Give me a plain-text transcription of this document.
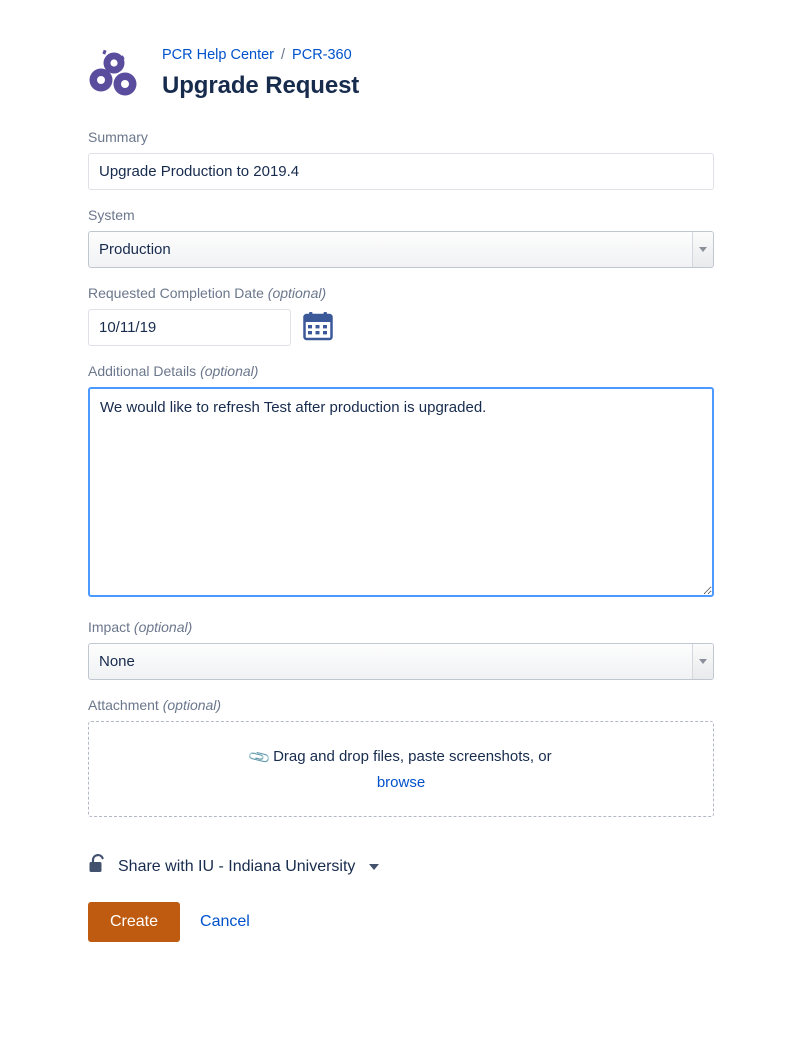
PCR Help Center / PCR-360
Upgrade Request
Summary
Upgrade Production to 2019.4
System
Production
Requested Completion Date (optional)
10/11/19
Additional Details (optional)
We would like to refresh Test after production is upgraded.
Impact (optional)
None
Attachment (optional)
📎 Drag and drop files, paste screenshots, or
browse
Share with IU - Indiana University
Create	Cancel
